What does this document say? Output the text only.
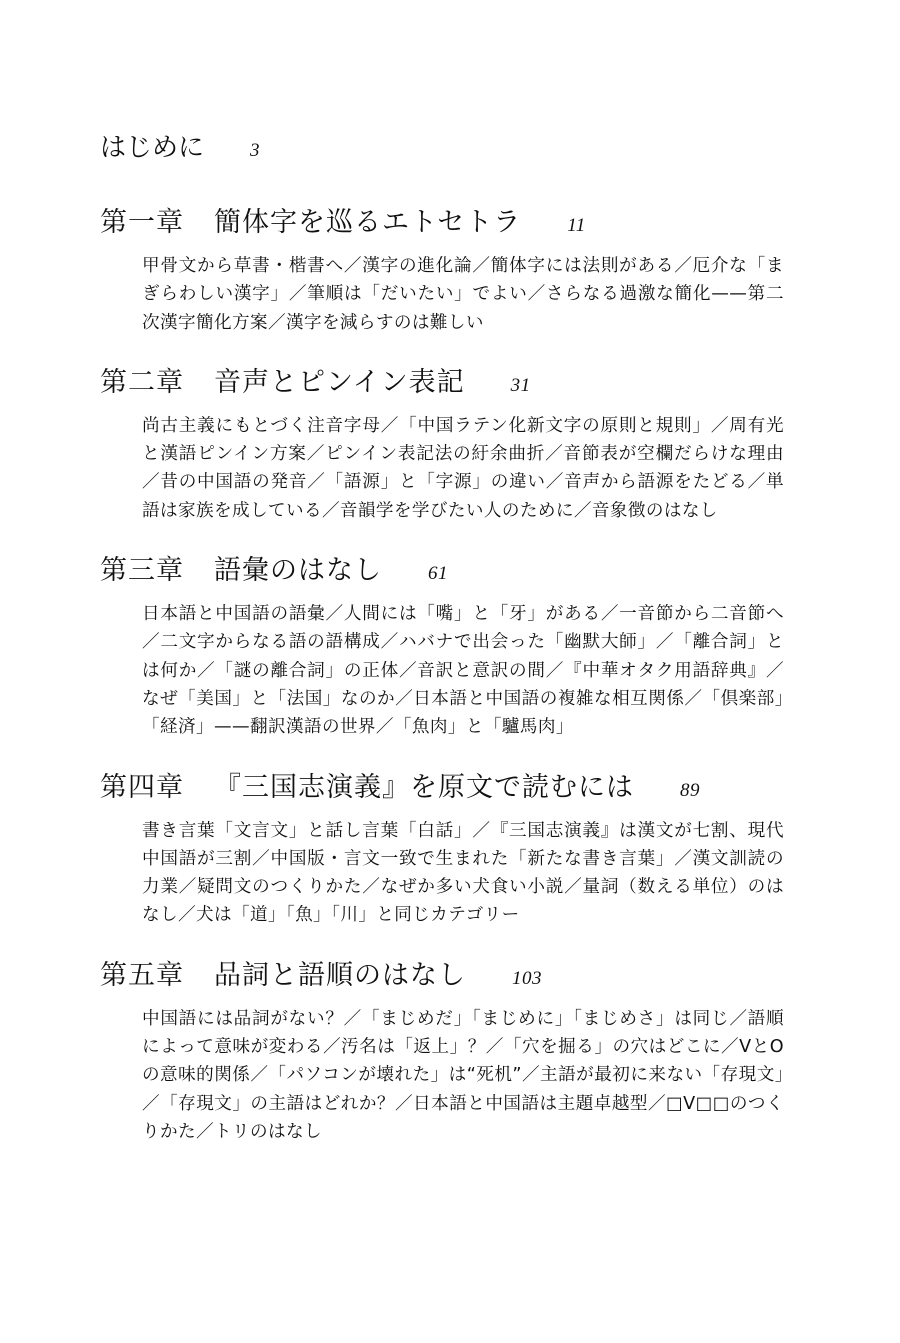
はじめに 3
第一章 簡体字を巡るエトセトラ 11
甲骨文から草書・楷書へ／漢字の進化論／簡体字には法則がある／厄介な「まぎらわしい漢字」／筆順は「だいたい」でよい／さらなる過激な簡化——第二次漢字簡化方案／漢字を減らすのは難しい
第二章 音声とピンイン表記 31
尚古主義にもとづく注音字母／「中国ラテン化新文字の原則と規則」／周有光と漢語ピンイン方案／ピンイン表記法の紆余曲折／音節表が空欄だらけな理由／昔の中国語の発音／「語源」と「字源」の違い／音声から語源をたどる／単語は家族を成している／音韻学を学びたい人のために／音象徴のはなし
第三章 語彙のはなし 61
日本語と中国語の語彙／人間には「嘴」と「牙」がある／一音節から二音節へ／二文字からなる語の語構成／ハバナで出会った「幽默大師」／「離合詞」とは何か／「謎の離合詞」の正体／音訳と意訳の間／『中華オタク用語辞典』／なぜ「美国」と「法国」なのか／日本語と中国語の複雑な相互関係／「倶楽部」「経済」——翻訳漢語の世界／「魚肉」と「驢馬肉」
第四章 『三国志演義』を原文で読むには 89
書き言葉「文言文」と話し言葉「白話」／『三国志演義』は漢文が七割、現代中国語が三割／中国版・言文一致で生まれた「新たな書き言葉」／漢文訓読の力業／疑問文のつくりかた／なぜか多い犬食い小説／量詞（数える単位）のはなし／犬は「道」「魚」「川」と同じカテゴリー
第五章 品詞と語順のはなし 103
中国語には品詞がない？／「まじめだ」「まじめに」「まじめさ」は同じ／語順によって意味が変わる／汚名は「返上」？／「穴を掘る」の穴はどこに／VとOの意味的関係／「パソコンが壊れた」は“死机”／主語が最初に来ない「存現文」／「存現文」の主語はどれか？／日本語と中国語は主題卓越型／□V□□のつくりかた／トリのはなし
